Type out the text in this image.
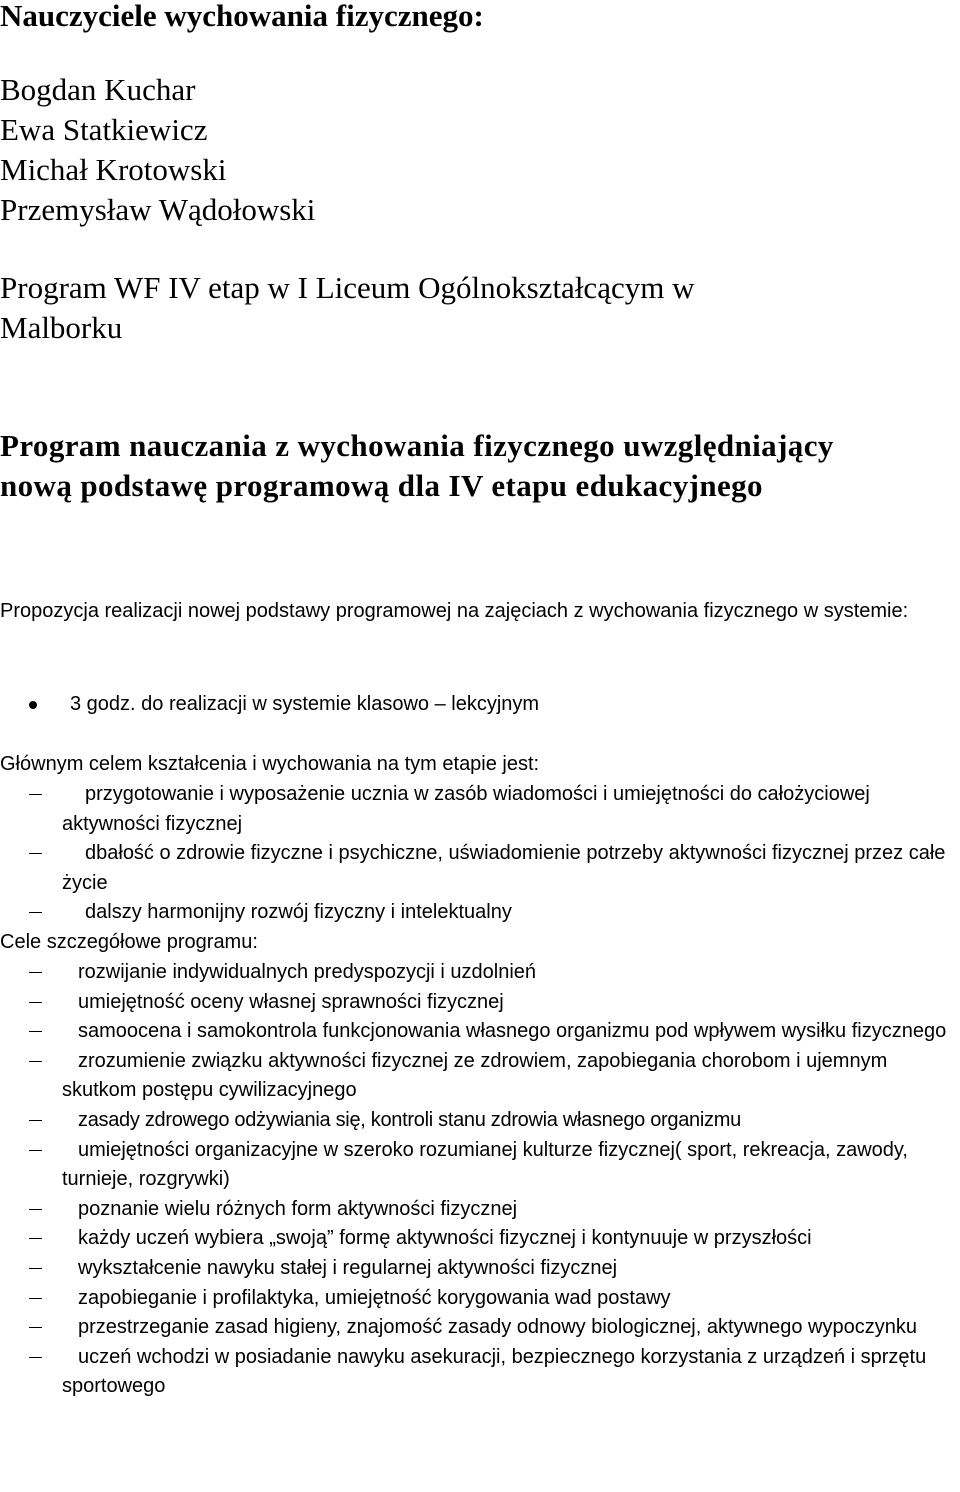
Nauczyciele wychowania fizycznego:

Bogdan Kuchar

Ewa Statkiewicz

Michał Krotowski

Przemysław Wądołowski

Program WF IV etap w I Liceum Ogólnokształcącym w

Malborku

Program nauczania z wychowania fizycznego uwzględniający

nową podstawę programową dla IV etapu edukacyjnego

Propozycja realizacji nowej podstawy programowej na zajęciach z wychowania fizycznego w systemie:

3 godz. do realizacji w systemie klasowo – lekcyjnym

Głównym celem kształcenia i wychowania na tym etapie jest:

przygotowanie i wyposażenie ucznia w zasób wiadomości i umiejętności do całożyciowej aktywności fizycznej
dbałość o zdrowie fizyczne i psychiczne, uświadomienie potrzeby aktywności fizycznej przez całe życie
dalszy harmonijny rozwój fizyczny i intelektualny

Cele szczegółowe programu:

rozwijanie indywidualnych predyspozycji i uzdolnień
umiejętność oceny własnej sprawności fizycznej
samoocena i samokontrola funkcjonowania własnego organizmu pod wpływem wysiłku fizycznego
zrozumienie związku aktywności fizycznej ze zdrowiem, zapobiegania chorobom i ujemnym skutkom postępu cywilizacyjnego
zasady zdrowego odżywiania się, kontroli stanu zdrowia własnego organizmu
umiejętności organizacyjne w szeroko rozumianej kulturze fizycznej( sport, rekreacja, zawody, turnieje, rozgrywki)
poznanie wielu różnych form aktywności fizycznej
każdy uczeń wybiera „swoją” formę aktywności fizycznej i kontynuuje w przyszłości
wykształcenie nawyku stałej i regularnej aktywności fizycznej
zapobieganie i profilaktyka, umiejętność korygowania wad postawy
przestrzeganie zasad higieny, znajomość zasady odnowy biologicznej, aktywnego wypoczynku
uczeń wchodzi w posiadanie nawyku asekuracji, bezpiecznego korzystania z urządzeń i sprzętu sportowego
